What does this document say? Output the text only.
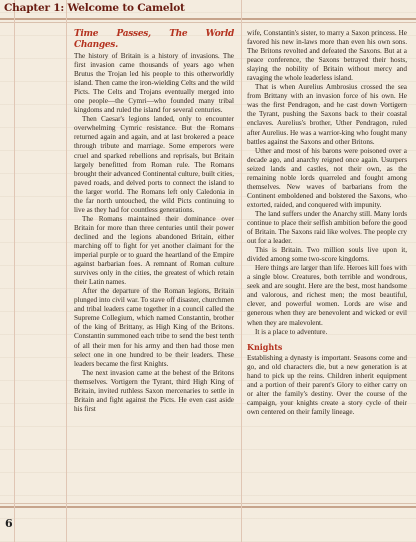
Chapter 1: Welcome to Camelot
Time Passes, The World Changes.

The history of Britain is a history of invasions. The first invasion came thousands of years ago when Brutus the Trojan led his people to this otherworldly island. Then came the iron-wielding Celts and the wild Picts. The Celts and Trojans eventually merged into one people—the Cymri—who founded many tribal kingdoms and ruled the island for several centuries.

Then Caesar's legions landed, only to encounter overwhelming Cymric resistance. But the Romans returned again and again, and at last brokered a peace through tribute and marriage. Some emperors were cruel and sparked rebellions and reprisals, but Britain largely benefitted from Roman rule. The Romans brought their advanced Continental culture, built cities, paved roads, and delved ports to connect the island to the larger world. The Romans left only Caledonia in the far north untouched, the wild Picts continuing to live as they had for countless generations.

The Romans maintained their dominance over Britain for more than three centuries until their power declined and the legions abandoned Britain, either marching off to fight for yet another claimant for the imperial purple or to guard the heartland of the Empire against barbarian foes. A remnant of Roman culture survives only in the cities, the greatest of which retain their Latin names.

After the departure of the Roman legions, Britain plunged into civil war. To stave off disaster, churchmen and tribal leaders came together in a council called the Supreme Collegium, which named Constantin, brother of the king of Brittany, as High King of the Britons. Constantin summoned each tribe to send the best tenth of all their men for his army and then had those men select one in one hundred to be their leaders. These leaders became the first Knights.

The next invasion came at the behest of the Britons themselves. Vortigern the Tyrant, third High King of Britain, invited ruthless Saxon mercenaries to settle in Britain and fight against the Picts. He even cast aside his first

wife, Constantin's sister, to marry a Saxon princess. He favored his new in-laws more than even his own sons. The Britons revolted and defeated the Saxons. But at a peace conference, the Saxons betrayed their hosts, slaying the nobility of Britain without mercy and ravaging the whole leaderless island.

That is when Aurelius Ambrosius crossed the sea from Brittany with an invasion force of his own. He was the first Pendragon, and he cast down Vortigern the Tyrant, pushing the Saxons back to their coastal enclaves. Aurelius's brother, Uther Pendragon, ruled after Aurelius. He was a warrior-king who fought many battles against the Saxons and other Britons.

Uther and most of his barons were poisoned over a decade ago, and anarchy reigned once again. Usurpers seized lands and castles, not their own, as the remaining noble lords quarreled and fought among themselves. New waves of barbarians from the Continent emboldened and bolstered the Saxons, who extorted, raided, and conquered with impunity.

The land suffers under the Anarchy still. Many lords continue to place their selfish ambition before the good of Britain. The Saxons raid like wolves. The people cry out for a leader.

This is Britain. Two million souls live upon it, divided among some two-score kingdoms.

Here things are larger than life. Heroes kill foes with a single blow. Creatures, both terrible and wondrous, seek and are sought. Here are the best, most handsome and valorous, and richest men; the most beautiful, clever, and powerful women. Lords are wise and generous when they are benevolent and wicked or evil when they are malevolent.

It is a place to adventure.

Knights

Establishing a dynasty is important. Seasons come and go, and old characters die, but a new generation is at hand to pick up the reins. Children inherit equipment and a portion of their parent's Glory to either carry on or alter the family's destiny. Over the course of the campaign, your knights create a story cycle of their own centered on their family lineage.

6
